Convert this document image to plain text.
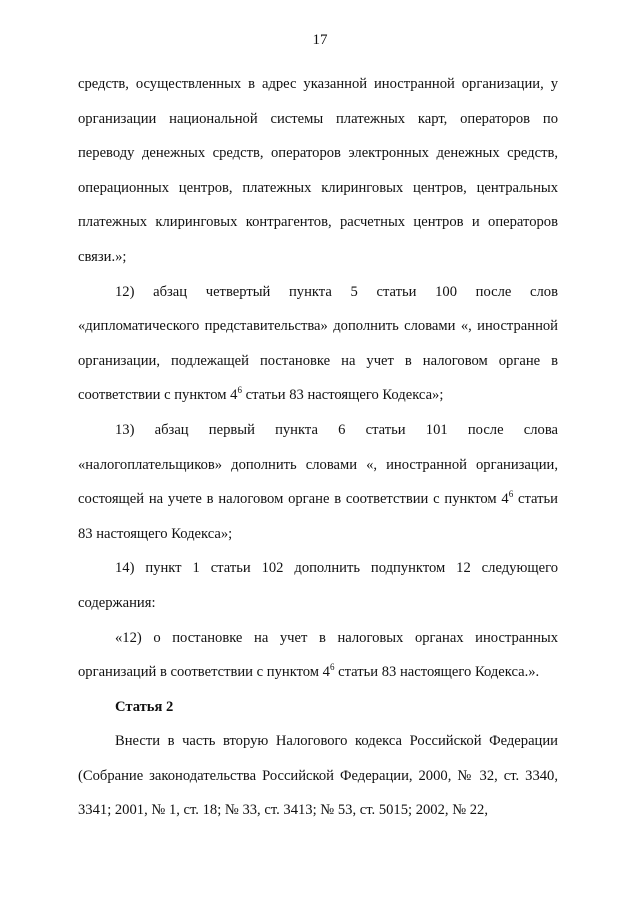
17

средств, осуществленных в адрес указанной иностранной организации, у организации национальной системы платежных карт, операторов по переводу денежных средств, операторов электронных денежных средств, операционных центров, платежных клиринговых центров, центральных платежных клиринговых контрагентов, расчетных центров и операторов связи.»;

12) абзац четвертый пункта 5 статьи 100 после слов «дипломатического представительства» дополнить словами «, иностранной организации, подлежащей постановке на учет в налоговом органе в соответствии с пунктом $4^6$ статьи 83 настоящего Кодекса»;

13) абзац первый пункта 6 статьи 101 после слова «налогоплательщиков» дополнить словами «, иностранной организации, состоящей на учете в налоговом органе в соответствии с пунктом $4^6$ статьи 83 настоящего Кодекса»;

14) пункт 1 статьи 102 дополнить подпунктом 12 следующего содержания:

«12) о постановке на учет в налоговых органах иностранных организаций в соответствии с пунктом $4^6$ статьи 83 настоящего Кодекса.».

Статья 2

Внести в часть вторую Налогового кодекса Российской Федерации (Собрание законодательства Российской Федерации, 2000, № 32, ст. 3340, 3341; 2001, № 1, ст. 18; № 33, ст. 3413; № 53, ст. 5015; 2002, № 22,
